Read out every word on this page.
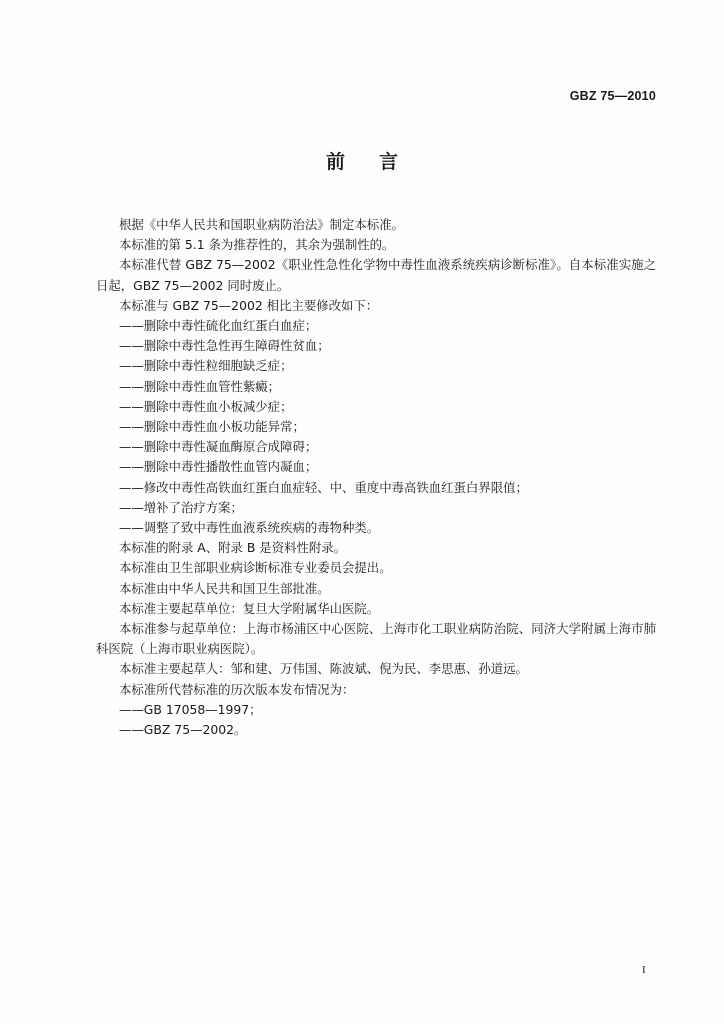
GBZ 75—2010
前言

根据《中华人民共和国职业病防治法》制定本标准。

本标准的第 5.1 条为推荐性的，其余为强制性的。

本标准代替 GBZ 75—2002《职业性急性化学物中毒性血液系统疾病诊断标准》。自本标准实施之日起，GBZ 75—2002 同时废止。

本标准与 GBZ 75—2002 相比主要修改如下：

——删除中毒性硫化血红蛋白血症；

——删除中毒性急性再生障碍性贫血；

——删除中毒性粒细胞缺乏症；

——删除中毒性血管性紫癜；

——删除中毒性血小板减少症；

——删除中毒性血小板功能异常；

——删除中毒性凝血酶原合成障碍；

——删除中毒性播散性血管内凝血；

——修改中毒性高铁血红蛋白血症轻、中、重度中毒高铁血红蛋白界限值；

——增补了治疗方案；

——调整了致中毒性血液系统疾病的毒物种类。

本标准的附录 A、附录 B 是资料性附录。

本标准由卫生部职业病诊断标准专业委员会提出。

本标准由中华人民共和国卫生部批准。

本标准主要起草单位：复旦大学附属华山医院。

本标准参与起草单位：上海市杨浦区中心医院、上海市化工职业病防治院、同济大学附属上海市肺科医院（上海市职业病医院）。

本标准主要起草人：邹和建、万伟国、陈波斌、倪为民、李思惠、孙道远。

本标准所代替标准的历次版本发布情况为：

——GB 17058—1997；

——GBZ 75—2002。

I
